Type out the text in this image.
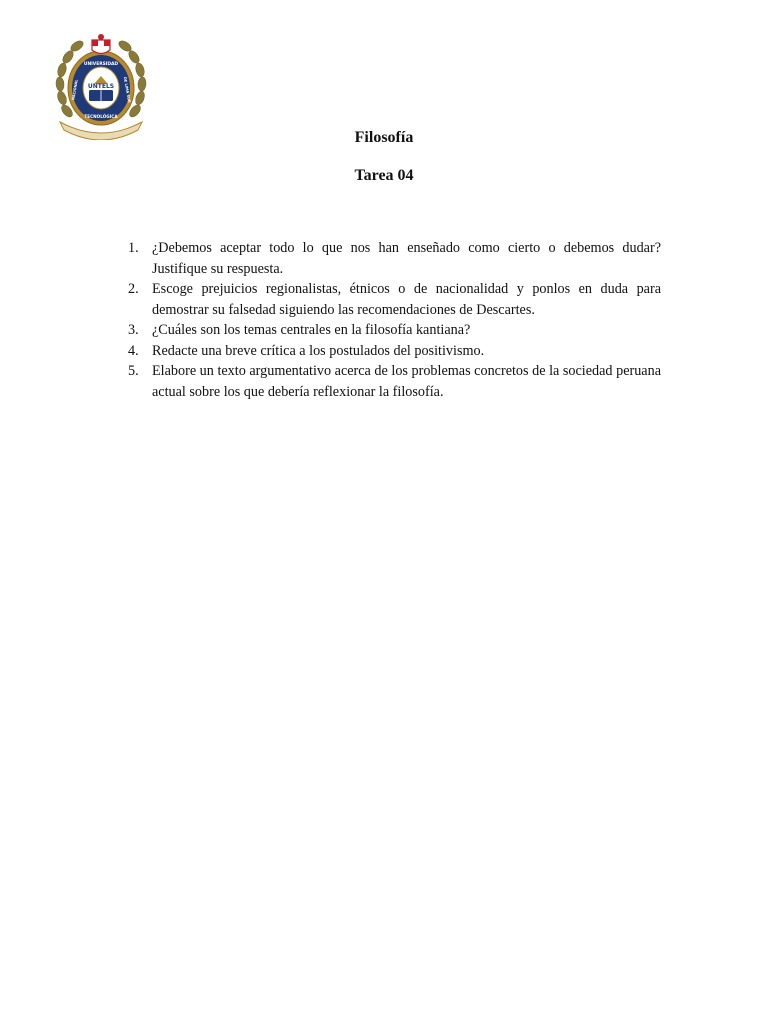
UNIVERSIDAD
UNTELS
TECNOLÓGICA
NACIONAL	DE LIMA SUR
Filosofía
Tarea 04
1. ¿Debemos aceptar todo lo que nos han enseñado como cierto o debemos dudar? Justifique su respuesta.
2. Escoge prejuicios regionalistas, étnicos o de nacionalidad y ponlos en duda para demostrar su falsedad siguiendo las recomendaciones de Descartes.
3. ¿Cuáles son los temas centrales en la filosofía kantiana?
4. Redacte una breve crítica a los postulados del positivismo.
5. Elabore un texto argumentativo acerca de los problemas concretos de la sociedad peruana actual sobre los que debería reflexionar la filosofía.
